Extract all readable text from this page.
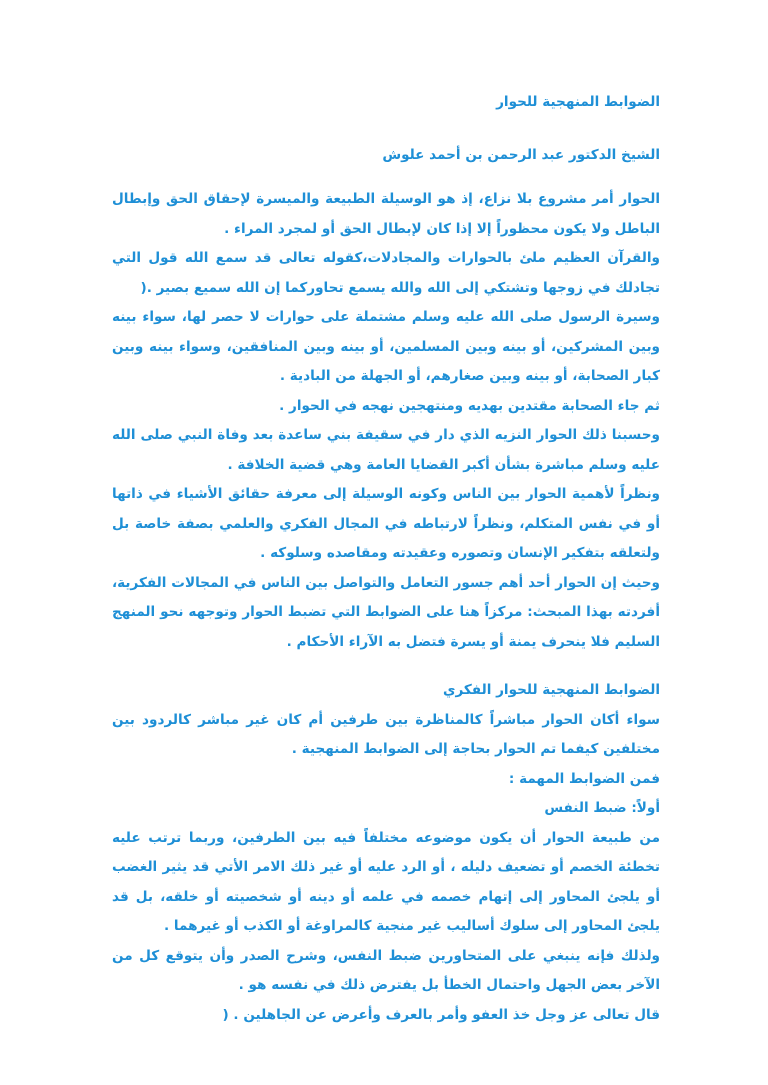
الضوابط المنهجية للحوار

الشيخ الدكتور عبد الرحمن بن أحمد علوش

الحوار أمر مشروع بلا نزاع، إذ هو الوسيلة الطبيعة والميسرة لإحقاق الحق وإبطال الباطل ولا يكون محظوراً إلا إذا كان لإبطال الحق أو لمجرد المراء .

والقرآن العظيم ملئ بالحوارات والمجادلات،كقوله تعالى قد سمع الله قول التي تجادلك في زوجها وتشتكي إلى الله والله يسمع تحاوركما إن الله سميع بصير .(

وسيرة الرسول صلى الله عليه وسلم مشتملة على حوارات لا حصر لها، سواء بينه وبين المشركين، أو بينه وبين المسلمين، أو بينه وبين المنافقين، وسواء بينه وبين كبار الصحابة، أو بينه وبين صغارهم، أو الجهلة من البادية .

ثم جاء الصحابة مقتدين بهديه ومنتهجين نهجه في الحوار .

وحسبنا ذلك الحوار النزيه الذي دار في سقيفة بني ساعدة بعد وفاة النبي صلى الله عليه وسلم مباشرة بشأن أكبر القضايا العامة وهي قضية الخلافة .

ونظراً لأهمية الحوار بين الناس وكونه الوسيلة إلى معرفة حقائق الأشياء في ذاتها أو في نفس المتكلم، ونظراً لارتباطه في المجال الفكري والعلمي بصفة خاصة بل ولتعلقه بتفكير الإنسان وتصوره وعقيدته ومقاصده وسلوكه .

وحيث إن الحوار أحد أهم جسور التعامل والتواصل بين الناس في المجالات الفكرية، أفردته بهذا المبحث: مركزاً هنا على الضوابط التي تضبط الحوار وتوجهه نحو المنهج السليم فلا ينحرف يمنة أو يسرة فتضل به الآراء الأحكام .

الضوابط المنهجية للحوار الفكري

سواء أكان الحوار مباشراً كالمناظرة بين طرفين أم كان غير مباشر كالردود بين مختلفين كيفما تم الحوار بحاجة إلى الضوابط المنهجية .

فمن الضوابط المهمة :

أولاً: ضبط النفس

من طبيعة الحوار أن يكون موضوعه مختلفاً فيه بين الطرفين، وربما ترتب عليه تخطئة الخصم أو تضعيف دليله ، أو الرد عليه أو غير ذلك الامر الأتي قد يثير الغضب أو يلجئ المحاور إلى إتهام خصمه في علمه أو دينه أو شخصيته أو خلقه، بل قد يلجئ المحاور إلى سلوك أساليب غير منجية كالمراوغة أو الكذب أو غيرهما .

ولذلك فإنه ينبغي على المتحاورين ضبط النفس، وشرح الصدر وأن يتوقع كل من الآخر بعض الجهل واحتمال الخطأ بل يفترض ذلك في نفسه هو .

قال تعالى عز وجل خذ العفو وأمر بالعرف وأعرض عن الجاهلين . (
